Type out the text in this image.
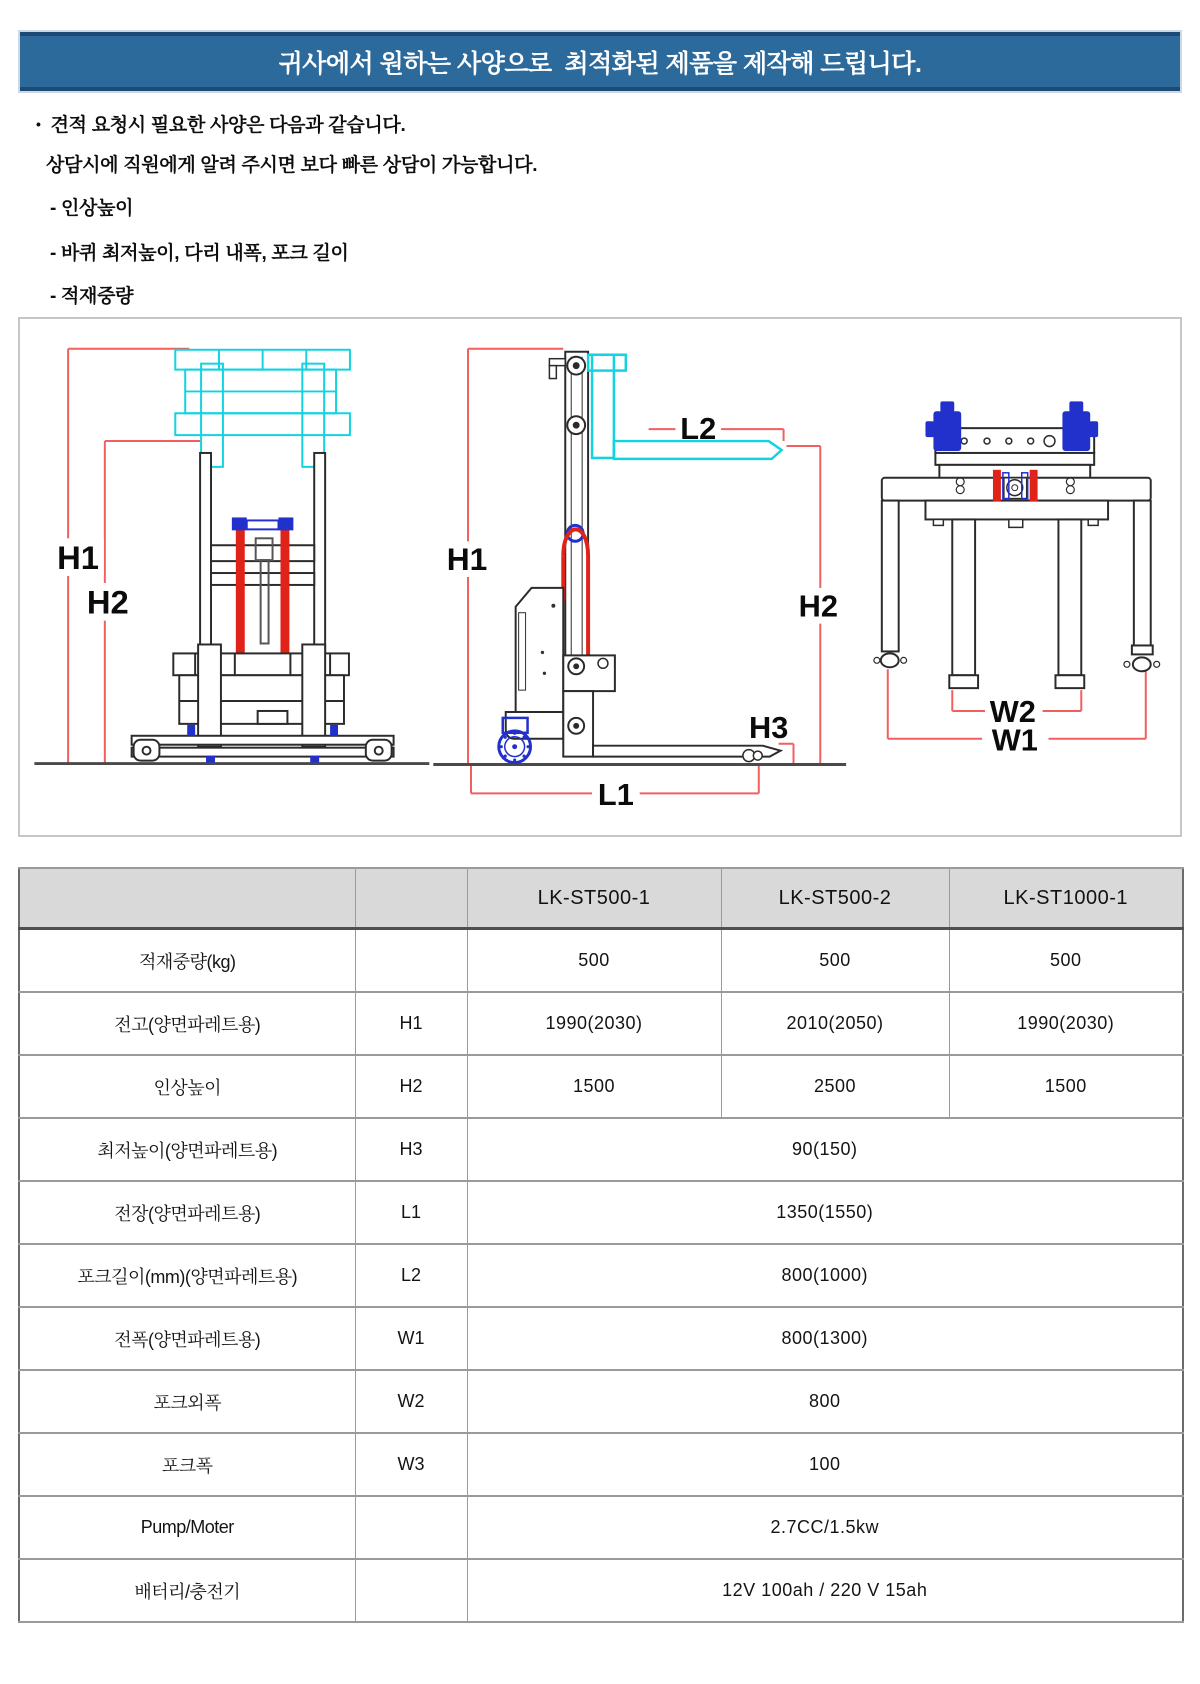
귀사에서 원하는 사양으로  최적화된 제품을 제작해 드립니다.
• 견적 요청시 필요한 사양은 다음과 같습니다.
상담시에 직원에게 알려 주시면 보다 빠른 상담이 가능합니다.
- 인상높이
- 바퀴 최저높이, 다리 내폭, 포크 길이
- 적재중량
H1
H2
H1
L2
H2
H3
L1
W2
W1
		LK-ST500-1	LK-ST500-2	LK-ST1000-1
적재중량(kg)		500	500	500
전고(양면파레트용)	H1	1990(2030)	2010(2050)	1990(2030)
인상높이	H2	1500	2500	1500
최저높이(양면파레트용)	H3	90(150)		
전장(양면파레트용)	L1	1350(1550)		
포크길이(mm)(양면파레트용)	L2	800(1000)		
전폭(양면파레트용)	W1	800(1300)		
포크외폭	W2	800		
포크폭	W3	100		
Pump/Moter		2.7CC/1.5kw		
배터리/충전기		12V 100ah / 220 V 15ah		
